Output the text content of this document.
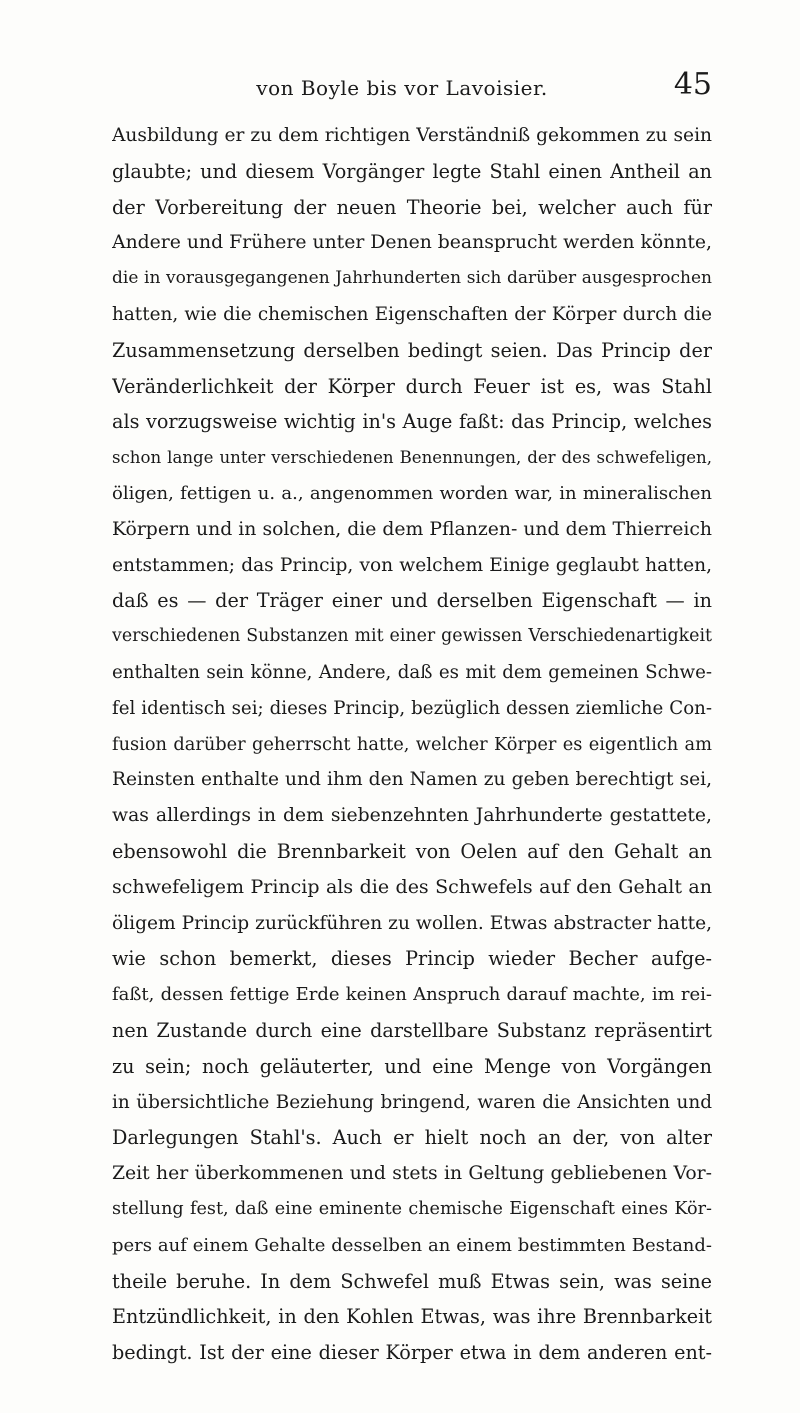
von Boyle bis vor Lavoisier.	45
Ausbildung er zu dem richtigen Verständniß gekommen zu sein
glaubte; und diesem Vorgänger legte Stahl einen Antheil an
der Vorbereitung der neuen Theorie bei, welcher auch für
Andere und Frühere unter Denen beansprucht werden könnte,
die in vorausgegangenen Jahrhunderten sich darüber ausgesprochen
hatten, wie die chemischen Eigenschaften der Körper durch die
Zusammensetzung derselben bedingt seien. Das Princip der
Veränderlichkeit der Körper durch Feuer ist es, was Stahl
als vorzugsweise wichtig in's Auge faßt: das Princip, welches
schon lange unter verschiedenen Benennungen, der des schwefeligen,
öligen, fettigen u. a., angenommen worden war, in mineralischen
Körpern und in solchen, die dem Pflanzen- und dem Thierreich
entstammen; das Princip, von welchem Einige geglaubt hatten,
daß es — der Träger einer und derselben Eigenschaft — in
verschiedenen Substanzen mit einer gewissen Verschiedenartigkeit
enthalten sein könne, Andere, daß es mit dem gemeinen Schwe-
fel identisch sei; dieses Princip, bezüglich dessen ziemliche Con-
fusion darüber geherrscht hatte, welcher Körper es eigentlich am
Reinsten enthalte und ihm den Namen zu geben berechtigt sei,
was allerdings in dem siebenzehnten Jahrhunderte gestattete,
ebensowohl die Brennbarkeit von Oelen auf den Gehalt an
schwefeligem Princip als die des Schwefels auf den Gehalt an
öligem Princip zurückführen zu wollen. Etwas abstracter hatte,
wie schon bemerkt, dieses Princip wieder Becher aufge-
faßt, dessen fettige Erde keinen Anspruch darauf machte, im rei-
nen Zustande durch eine darstellbare Substanz repräsentirt
zu sein; noch geläuterter, und eine Menge von Vorgängen
in übersichtliche Beziehung bringend, waren die Ansichten und
Darlegungen Stahl's. Auch er hielt noch an der, von alter
Zeit her überkommenen und stets in Geltung gebliebenen Vor-
stellung fest, daß eine eminente chemische Eigenschaft eines Kör-
pers auf einem Gehalte desselben an einem bestimmten Bestand-
theile beruhe. In dem Schwefel muß Etwas sein, was seine
Entzündlichkeit, in den Kohlen Etwas, was ihre Brennbarkeit
bedingt. Ist der eine dieser Körper etwa in dem anderen ent-
